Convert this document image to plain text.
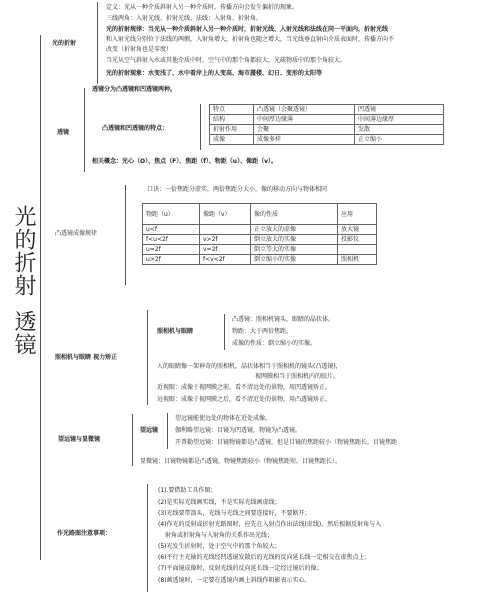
光的折射
透镜
光的折射
定义：光从一种介质斜射入另一种介质时，传播方向会发生偏折的现象。
三线两角：入射光线、折射光线、法线；入射角、折射角。
光的折射规律：当光从一种介质斜射入另一种介质时，折射光线、入射光线和法线在同一平面内，折射光线
和入射光线分别位于法线的两侧，入射角增大，折射角也随之增大，当光线垂直射向介质表面时，传播方向不
改变（折射角也是零度）
当光从空气斜射入水或其他介质中时，空气中的那个角都较大，光疏物质中的那个角较大。
光的折射现象：水变浅了、水中看岸上的人变高、海市蜃楼、幻日、变形的太阳等
透镜
透镜分为凸透镜和凹透镜两种。
凸透镜和凹透镜的特点：
特点	凸透镜（会聚透镜）	凹透镜
结构	中间厚边缘薄	中间薄边缘厚
折射作用	会聚	发散
成像	成像多样	正立缩小
相关概念：光心（O）、焦点（F）、焦距（f）、物距（u）、像距（v）。
凸透镜成像规律
口诀：一倍焦距分虚实，两倍焦距分大小，像的移动方向与物体相同
物距（u）	像距（v）	像的性质	应用
u<f		正立放大的虚像	放大镜
f<u<2f	v>2f	倒立放大的实像	投影仪
u=2f	v=2f	倒立等大的实像	
u>2f	f<v<2f	倒立缩小的实像	照相机
照相机与眼睛 视力矫正
照相机与眼睛
凸透镜：照相机镜头，眼睛的晶状体。
物距：大于两倍焦距。
成像的性质：倒立缩小的实像。
人的眼睛像一架神奇的照相机，晶状体相当于照相机的镜头(凸透镜)，
视网膜相当于照相机内的胶片。
近视眼：成像于视网膜之前，看不清远处的景物，用凹透镜矫正。
远视眼：成像于视网膜之后，看不清近处的景物，用凸透镜矫正。
望远镜与显微镜
望远镜
望远镜能使远处的物体在近处成像。
伽利略望远镜：目镜为凹透镜，物镜为凸透镜。
开普勒望远镜：目镜物镜都是凸透镜，但是目镜的焦距较小（物镜焦距长，目镜焦距
显微镜：目镜物镜都是凸透镜，物镜焦距较小（物镜焦距短，目镜焦距长）。
作光路图注意事项：
(1).要借助工具作图；
(2)是实际光线画实线，不是实际光线画虚线；
(3)光线要带箭头，光线与光线之间要连接好，不要断开；
(4)作光的反射或折射光路图时，应先在入射点作出法线(虚线)，然后根据反射角与入
射角或折射角与入射角的关系作出光线；
(5)光发生折射时，处于空气中的那个角较大；
(6)平行主光轴的光线经凹透镜发散后的光线的反向延长线一定相交在虚焦点上；
(7)平面镜成像时，反射光线的反向延长线一定经过镜后的像；
(8)画透镜时，一定要在透镜内画上斜线作阴影表示实心。
